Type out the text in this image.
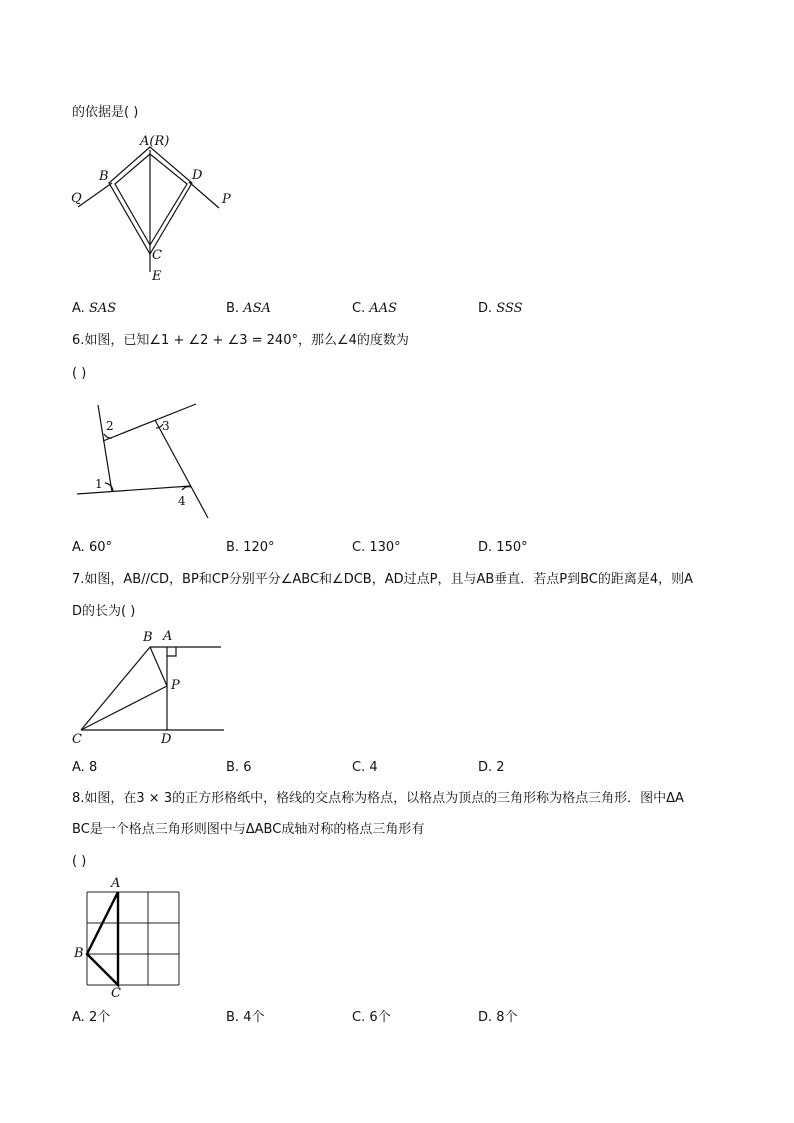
的依据是( )
A(R)
B	D
Q	P
C
E
A. SAS	B. ASA	C. AAS	D. SSS
6.如图，已知∠1 + ∠2 + ∠3 = 240°，那么∠4的度数为
( )
2	3
1
4
A. 60°	B. 120°	C. 130°	D. 150°
7.如图，AB//CD，BP和CP分别平分∠ABC和∠DCB，AD过点P，且与AB垂直．若点P到BC的距离是4，则A
D的长为( )
B A
P
C	D
A. 8	B. 6	C. 4	D. 2
8.如图，在3 × 3的正方形格纸中，格线的交点称为格点，以格点为顶点的三角形称为格点三角形．图中ΔA
BC是一个格点三角形则图中与ΔABC成轴对称的格点三角形有
( )
A
B
C
A. 2个	B. 4个	C. 6个	D. 8个
